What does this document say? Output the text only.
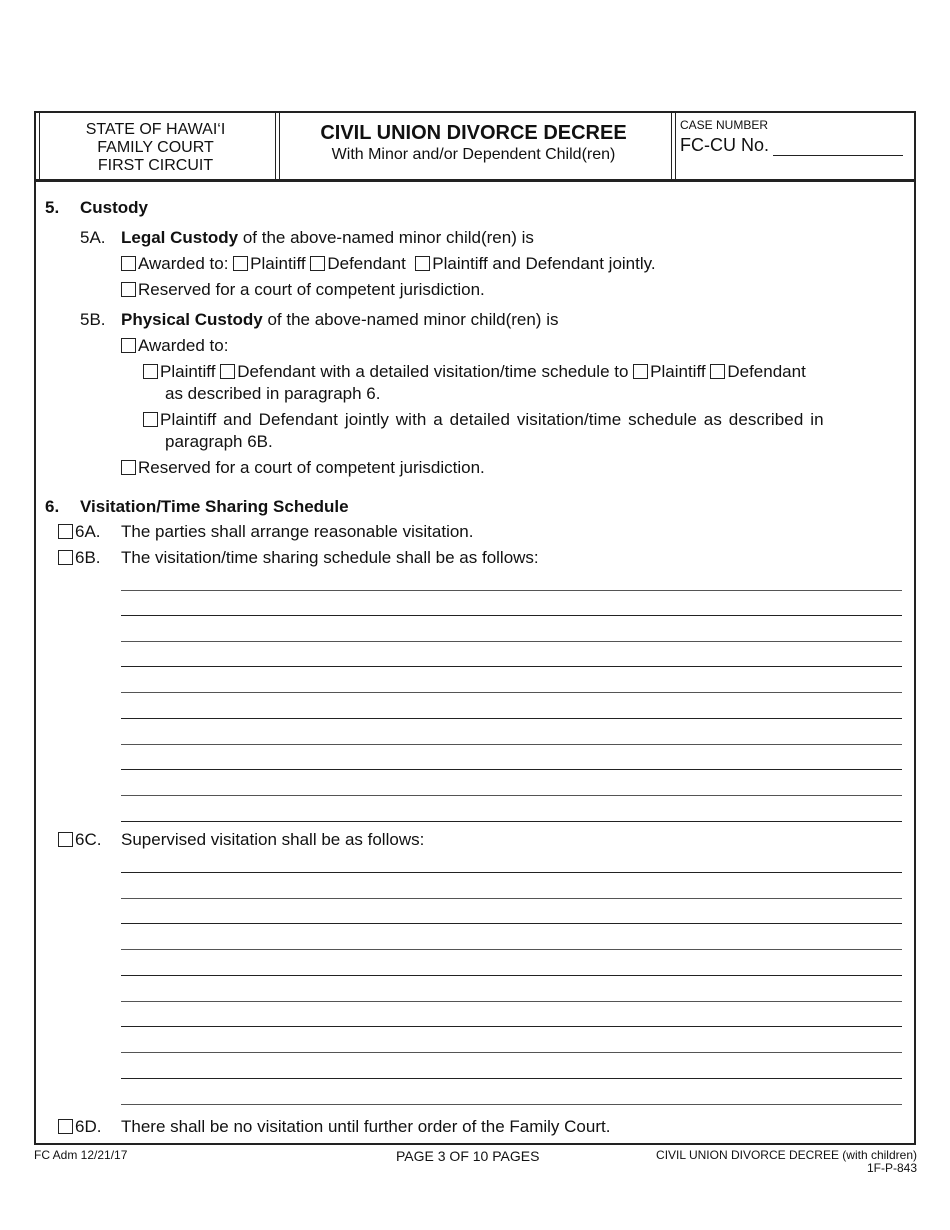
STATE OF HAWAI‘I
FAMILY COURT
FIRST CIRCUIT
CIVIL UNION DIVORCE DECREE
With Minor and/or Dependent Child(ren)
CASE NUMBER
FC-CU No.
5. Custody
5A. Legal Custody of the above-named minor child(ren) is
Awarded to: Plaintiff Defendant Plaintiff and Defendant jointly.
Reserved for a court of competent jurisdiction.
5B. Physical Custody of the above-named minor child(ren) is
Awarded to:
Plaintiff Defendant with a detailed visitation/time schedule to Plaintiff Defendant
as described in paragraph 6.
Plaintiff and Defendant jointly with a detailed visitation/time schedule as described in
paragraph 6B.
Reserved for a court of competent jurisdiction.
6. Visitation/Time Sharing Schedule
6A. The parties shall arrange reasonable visitation.
6B. The visitation/time sharing schedule shall be as follows:
6C. Supervised visitation shall be as follows:
6D. There shall be no visitation until further order of the Family Court.
FC Adm 12/21/17	PAGE 3 OF 10 PAGES	CIVIL UNION DIVORCE DECREE (with children)
1F-P-843
